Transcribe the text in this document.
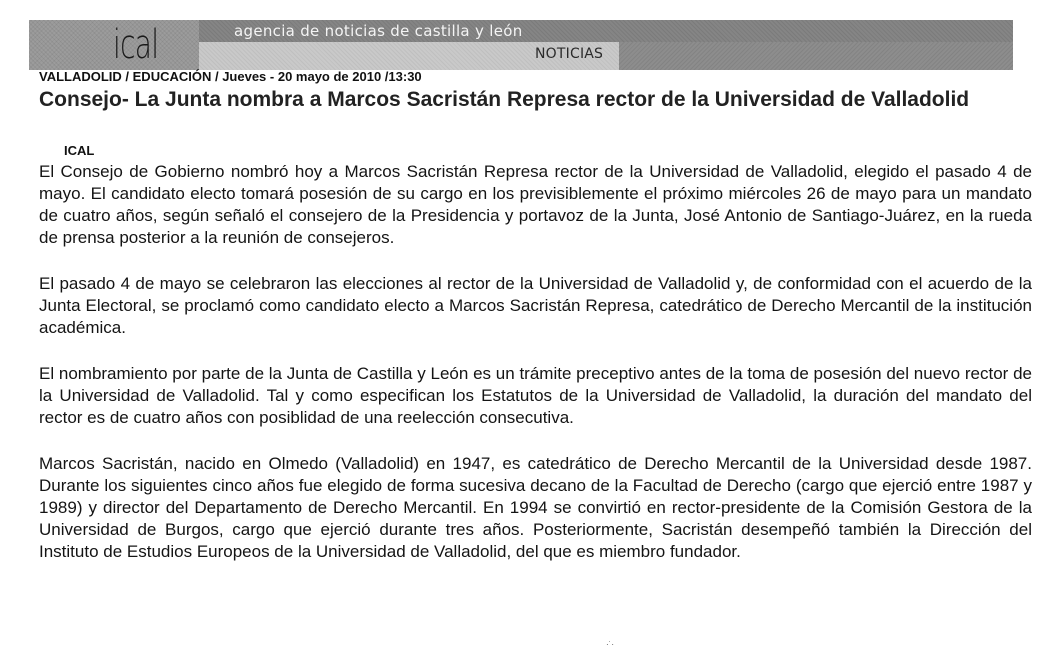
ical	agencia de noticias de castilla y león
NOTICIAS
VALLADOLID / EDUCACIÓN / Jueves - 20 mayo de 2010 /13:30
Consejo- La Junta nombra a Marcos Sacristán Represa rector de la Universidad de Valladolid
ICAL

El Consejo de Gobierno nombró hoy a Marcos Sacristán Represa rector de la Universidad de Valladolid, elegido el pasado 4 de mayo. El candidato electo tomará posesión de su cargo en los previsiblemente el próximo miércoles 26 de mayo para un mandato de cuatro años, según señaló el consejero de la Presidencia y portavoz de la Junta, José Antonio de Santiago-Juárez, en la rueda de prensa posterior a la reunión de consejeros.

El pasado 4 de mayo se celebraron las elecciones al rector de la Universidad de Valladolid y, de conformidad con el acuerdo de la Junta Electoral, se proclamó como candidato electo a Marcos Sacristán Represa, catedrático de Derecho Mercantil de la institución académica.

El nombramiento por parte de la Junta de Castilla y León es un trámite preceptivo antes de la toma de posesión del nuevo rector de la Universidad de Valladolid. Tal y como especifican los Estatutos de la Universidad de Valladolid, la duración del mandato del rector es de cuatro años con posiblidad de una reelección consecutiva.

Marcos Sacristán, nacido en Olmedo (Valladolid) en 1947, es catedrático de Derecho Mercantil de la Universidad desde 1987. Durante los siguientes cinco años fue elegido de forma sucesiva decano de la Facultad de Derecho (cargo que ejerció entre 1987 y 1989) y director del Departamento de Derecho Mercantil. En 1994 se convirtió en rector-presidente de la Comisión Gestora de la Universidad de Burgos, cargo que ejerció durante tres años. Posteriormente, Sacristán desempeñó también la Dirección del Instituto de Estudios Europeos de la Universidad de Valladolid, del que es miembro fundador.

·˙·
